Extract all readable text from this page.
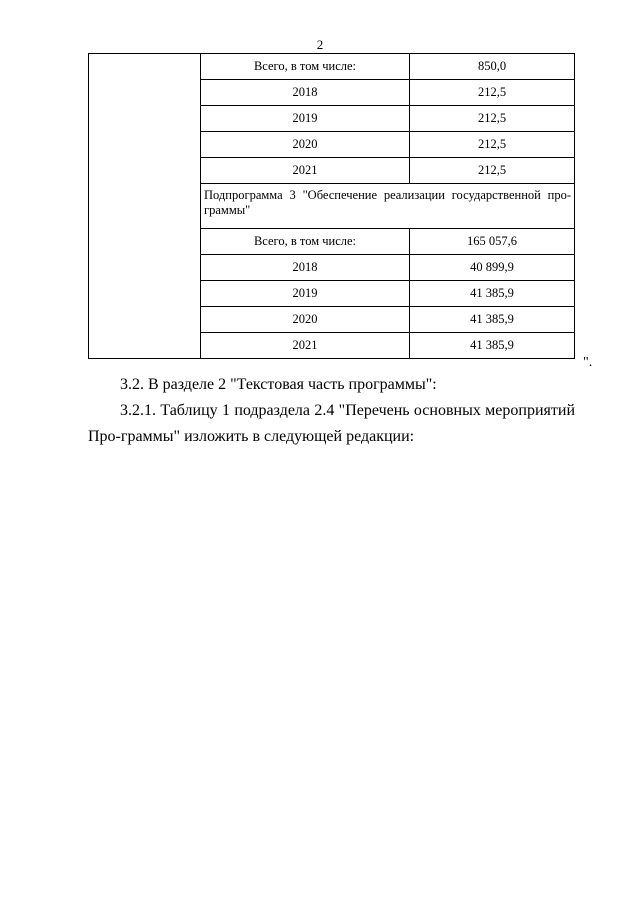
2
	Всего, в том числе:	850,0
	2018	212,5
	2019	212,5
	2020	212,5
	2021	212,5
	Подпрограмма 3 "Обеспечение реализации государственной про-граммы"	
	Всего, в том числе:	165 057,6
	2018	40 899,9
	2019	41 385,9
	2020	41 385,9
	2021	41 385,9
".
3.2. В разделе 2 "Текстовая часть программы":
3.2.1. Таблицу 1 подраздела 2.4 "Перечень основных мероприятий Про-граммы" изложить в следующей редакции:
